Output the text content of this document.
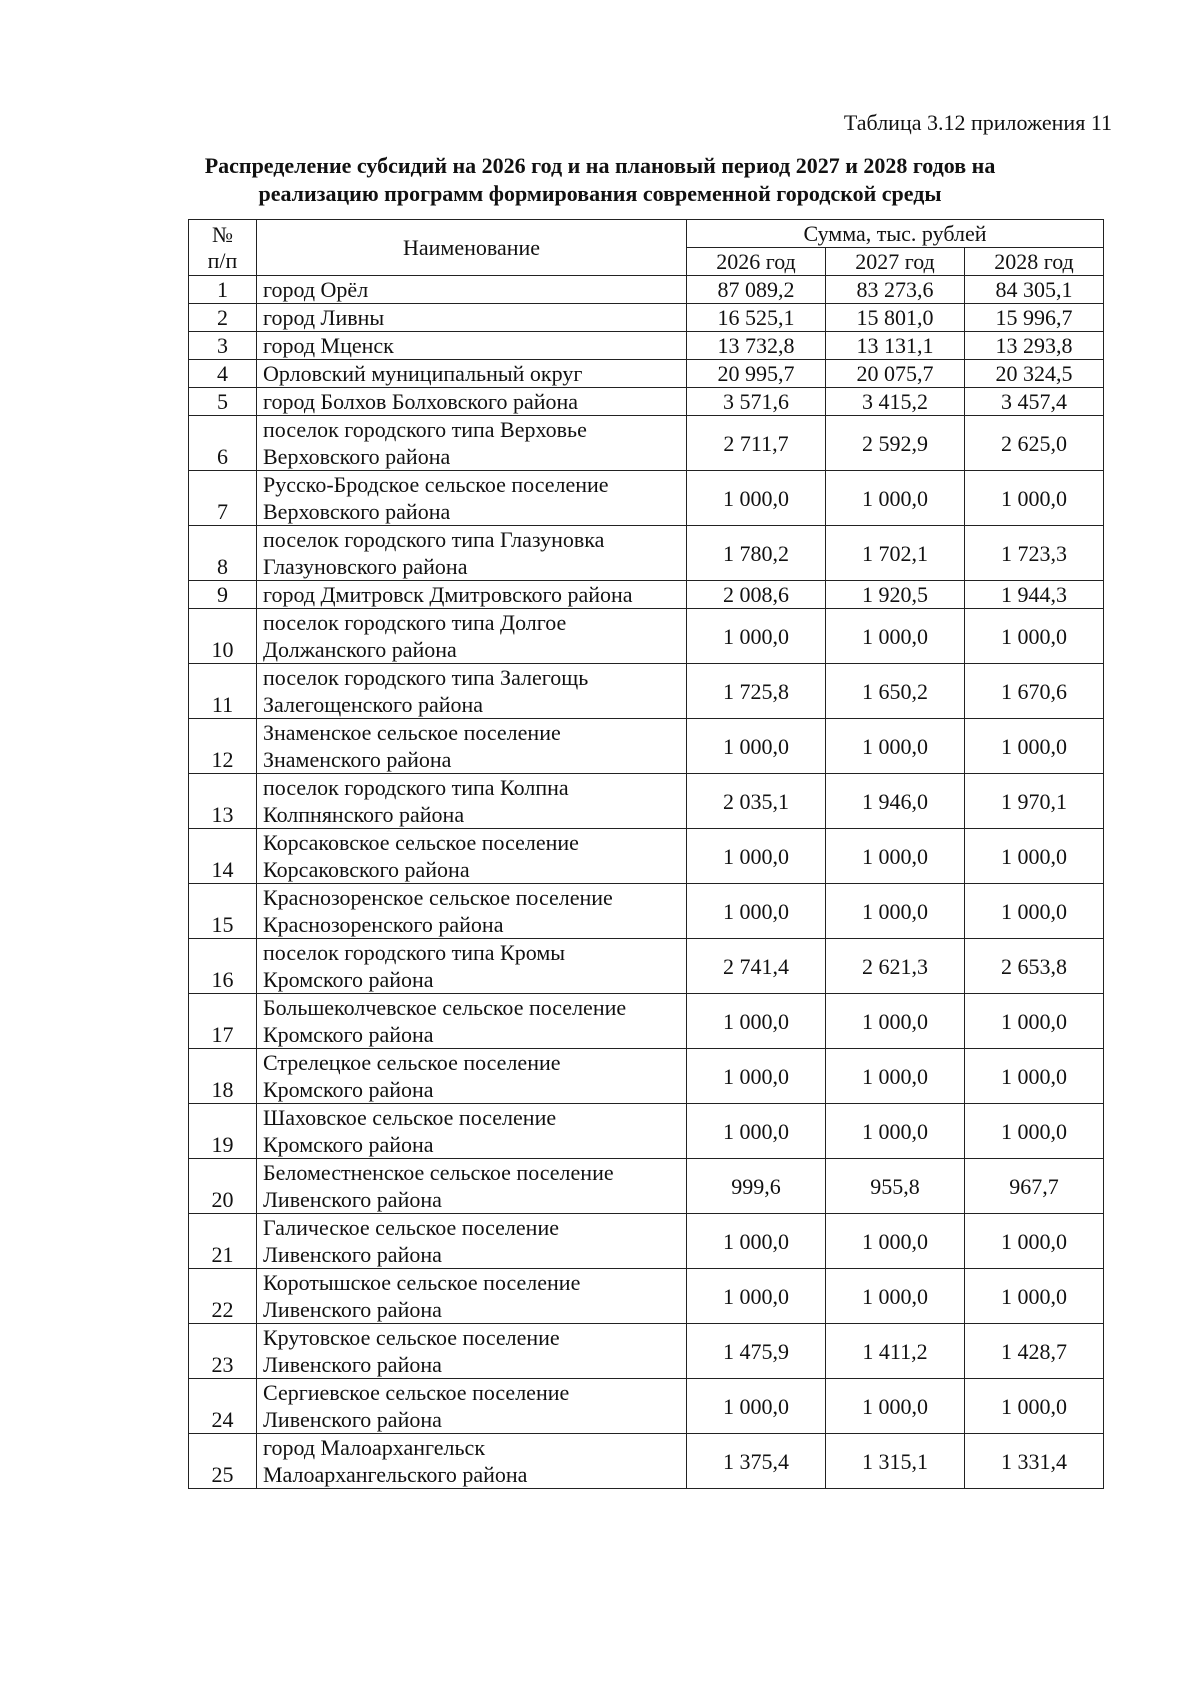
Таблица 3.12 приложения 11
Распределение субсидий на 2026 год и на плановый период 2027 и 2028 годов на
реализацию программ формирования современной городской среды
№
п/п	Наименование	Сумма, тыс. рублей		
		2026 год	2027 год	2028 год
1	город Орёл	87 089,2	83 273,6	84 305,1
2	город Ливны	16 525,1	15 801,0	15 996,7
3	город Мценск	13 732,8	13 131,1	13 293,8
4	Орловский муниципальный округ	20 995,7	20 075,7	20 324,5
5	город Болхов Болховского района	3 571,6	3 415,2	3 457,4
6	поселок городского типа Верховье
Верховского района	2 711,7	2 592,9	2 625,0
7	Русско-Бродское сельское поселение
Верховского района	1 000,0	1 000,0	1 000,0
8	поселок городского типа Глазуновка
Глазуновского района	1 780,2	1 702,1	1 723,3
9	город Дмитровск Дмитровского района	2 008,6	1 920,5	1 944,3
10	поселок городского типа Долгое
Должанского района	1 000,0	1 000,0	1 000,0
11	поселок городского типа Залегощь
Залегощенского района	1 725,8	1 650,2	1 670,6
12	Знаменское сельское поселение
Знаменского района	1 000,0	1 000,0	1 000,0
13	поселок городского типа Колпна
Колпнянского района	2 035,1	1 946,0	1 970,1
14	Корсаковское сельское поселение
Корсаковского района	1 000,0	1 000,0	1 000,0
15	Краснозоренское сельское поселение
Краснозоренского района	1 000,0	1 000,0	1 000,0
16	поселок городского типа Кромы
Кромского района	2 741,4	2 621,3	2 653,8
17	Большеколчевское сельское поселение
Кромского района	1 000,0	1 000,0	1 000,0
18	Стрелецкое сельское поселение
Кромского района	1 000,0	1 000,0	1 000,0
19	Шаховское сельское поселение
Кромского района	1 000,0	1 000,0	1 000,0
20	Беломестненское сельское поселение
Ливенского района	999,6	955,8	967,7
21	Галическое сельское поселение
Ливенского района	1 000,0	1 000,0	1 000,0
22	Коротышское сельское поселение
Ливенского района	1 000,0	1 000,0	1 000,0
23	Крутовское сельское поселение
Ливенского района	1 475,9	1 411,2	1 428,7
24	Сергиевское сельское поселение
Ливенского района	1 000,0	1 000,0	1 000,0
25	город Малоархангельск
Малоархангельского района	1 375,4	1 315,1	1 331,4
